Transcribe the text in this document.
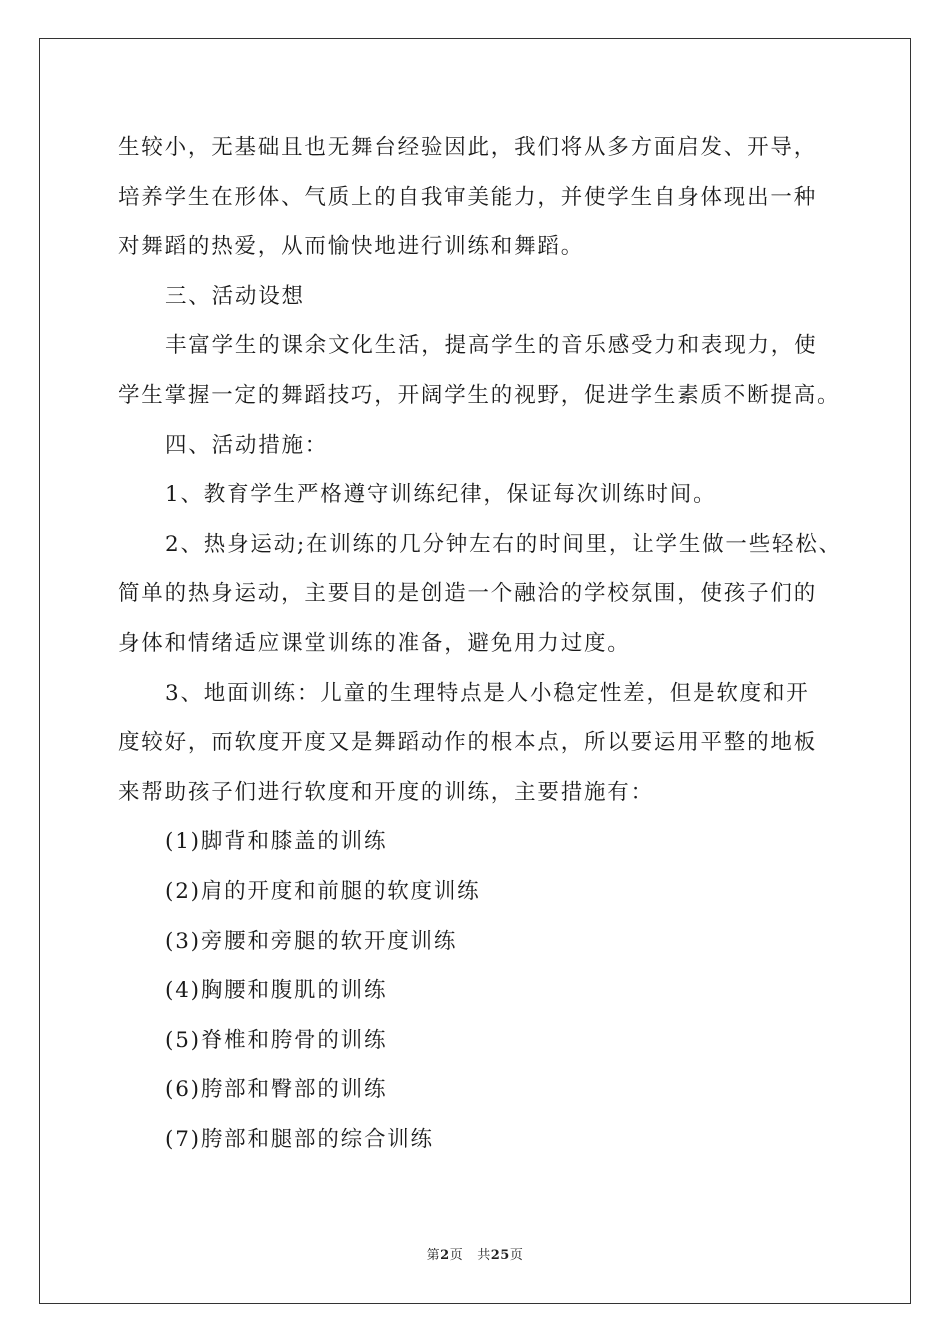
生较小，无基础且也无舞台经验因此，我们将从多方面启发、开导，
培养学生在形体、气质上的自我审美能力，并使学生自身体现出一种
对舞蹈的热爱，从而愉快地进行训练和舞蹈。
三、活动设想
丰富学生的课余文化生活，提高学生的音乐感受力和表现力，使
学生掌握一定的舞蹈技巧，开阔学生的视野，促进学生素质不断提高。
四、活动措施：
1、教育学生严格遵守训练纪律，保证每次训练时间。
2、热身运动;在训练的几分钟左右的时间里，让学生做一些轻松、
简单的热身运动，主要目的是创造一个融洽的学校氛围，使孩子们的
身体和情绪适应课堂训练的准备，避免用力过度。
3、地面训练：儿童的生理特点是人小稳定性差，但是软度和开
度较好，而软度开度又是舞蹈动作的根本点，所以要运用平整的地板
来帮助孩子们进行软度和开度的训练，主要措施有：
(1)脚背和膝盖的训练
(2)肩的开度和前腿的软度训练
(3)旁腰和旁腿的软开度训练
(4)胸腰和腹肌的训练
(5)脊椎和胯骨的训练
(6)胯部和臀部的训练
(7)胯部和腿部的综合训练
第2页 共25页
